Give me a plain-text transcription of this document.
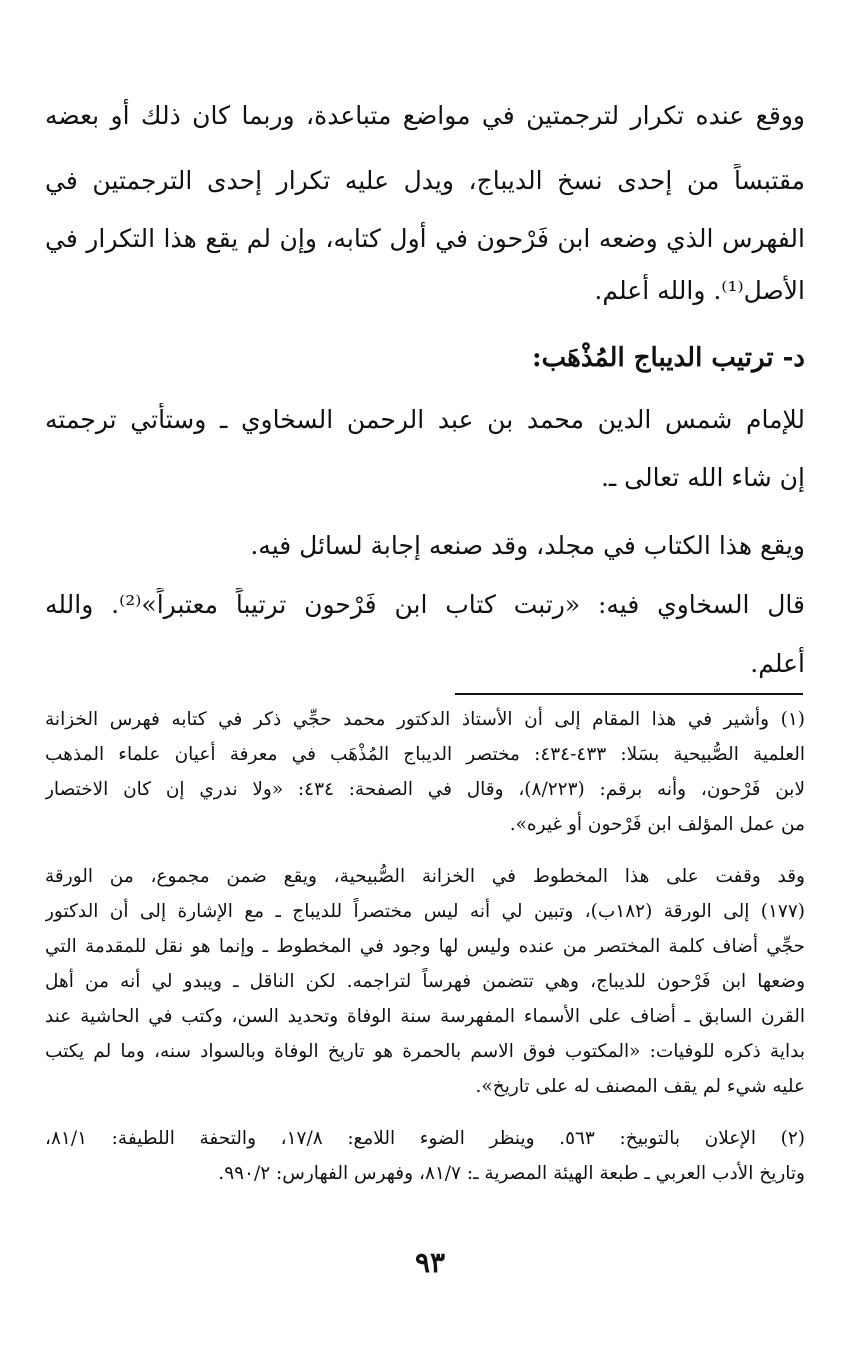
ووقع عنده تكرار لترجمتين في مواضع متباعدة، وربما كان ذلك أو بعضه
مقتبساً من إحدى نسخ الديباج، ويدل عليه تكرار إحدى الترجمتين في
الفهرس الذي وضعه ابن فَرْحون في أول كتابه، وإن لم يقع هذا التكرار في
الأصل⁽¹⁾. والله أعلم.
د- ترتيب الديباج المُذْهَب:
للإمام شمس الدين محمد بن عبد الرحمن السخاوي ـ وستأتي ترجمته
إن شاء الله تعالى ـ.
ويقع هذا الكتاب في مجلد، وقد صنعه إجابة لسائل فيه.
قال السخاوي فيه: «رتبت كتاب ابن فَرْحون ترتيباً معتبراً»⁽²⁾. والله
أعلم.
(١) وأشير في هذا المقام إلى أن الأستاذ الدكتور محمد حجِّي ذكر في كتابه فهرس الخزانة
العلمية الصُّبيحية بسَلا: ٤٣٣-٤٣٤: مختصر الديباج المُذْهَب في معرفة أعيان علماء المذهب
لابن فَرْحون، وأنه برقم: (٨/٢٢٣)، وقال في الصفحة: ٤٣٤: «ولا ندري إن كان الاختصار
من عمل المؤلف ابن فَرْحون أو غيره».
وقد وقفت على هذا المخطوط في الخزانة الصُّبيحية، ويقع ضمن مجموع، من الورقة
(١٧٧) إلى الورقة (١٨٢ب)، وتبين لي أنه ليس مختصراً للديباج ـ مع الإشارة إلى أن الدكتور
حجِّي أضاف كلمة المختصر من عنده وليس لها وجود في المخطوط ـ وإنما هو نقل للمقدمة التي
وضعها ابن فَرْحون للديباج، وهي تتضمن فهرساً لتراجمه. لكن الناقل ـ ويبدو لي أنه من أهل
القرن السابق ـ أضاف على الأسماء المفهرسة سنة الوفاة وتحديد السن، وكتب في الحاشية عند
بداية ذكره للوفيات: «المكتوب فوق الاسم بالحمرة هو تاريخ الوفاة وبالسواد سنه، وما لم يكتب
عليه شيء لم يقف المصنف له على تاريخ».
(٢) الإعلان بالتوبيخ: ٥٦٣. وينظر الضوء اللامع: ١٧/٨، والتحفة اللطيفة: ٨١/١،
وتاريخ الأدب العربي ـ طبعة الهيئة المصرية ـ: ٨١/٧، وفهرس الفهارس: ٩٩٠/٢.
٩٣
